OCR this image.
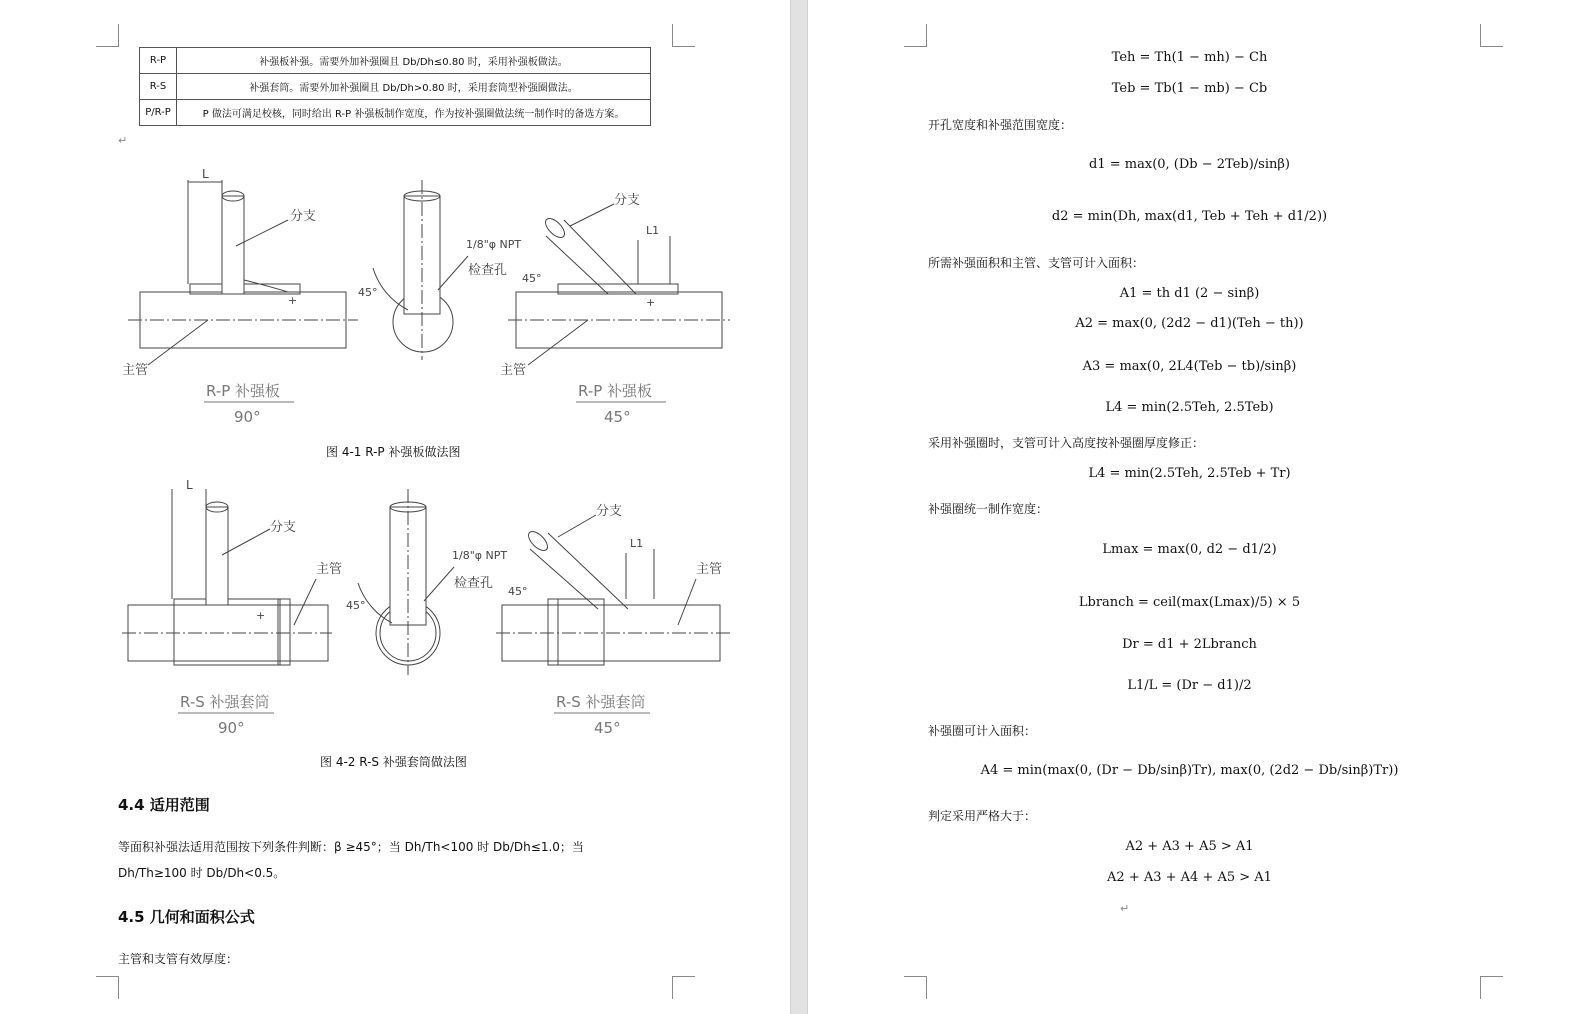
R-P	补强板补强。需要外加补强圈且 Db/Dh≤0.80 时，采用补强板做法。
R-S	补强套筒。需要外加补强圈且 Db/Dh>0.80 时，采用套筒型补强圈做法。
P/R-P	P 做法可满足校核，同时给出 R-P 补强板制作宽度，作为按补强圈做法统一制作时的备选方案。
↵
+
L
分支
主管
R-P 补强板
90°
45°
1/8"φ NPT
检查孔
+
L1
分支
45°
主管
R-P 补强板
45°
图 4-1 R-P 补强板做法图
+
L
分支
主管
R-S 补强套筒
90°
45°
1/8"φ NPT
检查孔
L1
分支
45°
主管
R-S 补强套筒
45°
图 4-2 R-S 补强套筒做法图
4.4 适用范围
等面积补强法适用范围按下列条件判断：β ≥45°；当 Dh/Th<100 时 Db/Dh≤1.0；当
Dh/Th≥100 时 Db/Dh<0.5。
4.5 几何和面积公式
主管和支管有效厚度：
Teh = Th(1 − mh) − Ch
Teb = Tb(1 − mb) − Cb
开孔宽度和补强范围宽度：
d1 = max(0, (Db − 2Teb)/sinβ)
d2 = min(Dh, max(d1, Teb + Teh + d1/2))
所需补强面积和主管、支管可计入面积：
A1 = th d1 (2 − sinβ)
A2 = max(0, (2d2 − d1)(Teh − th))
A3 = max(0, 2L4(Teb − tb)/sinβ)
L4 = min(2.5Teh, 2.5Teb)
采用补强圈时，支管可计入高度按补强圈厚度修正：
L4 = min(2.5Teh, 2.5Teb + Tr)
补强圈统一制作宽度：
Lmax = max(0, d2 − d1/2)
Lbranch = ceil(max(Lmax)/5) × 5
Dr = d1 + 2Lbranch
L1/L = (Dr − d1)/2
补强圈可计入面积：
A4 = min(max(0, (Dr − Db/sinβ)Tr), max(0, (2d2 − Db/sinβ)Tr))
判定采用严格大于：
A2 + A3 + A5 > A1
A2 + A3 + A4 + A5 > A1
↵
